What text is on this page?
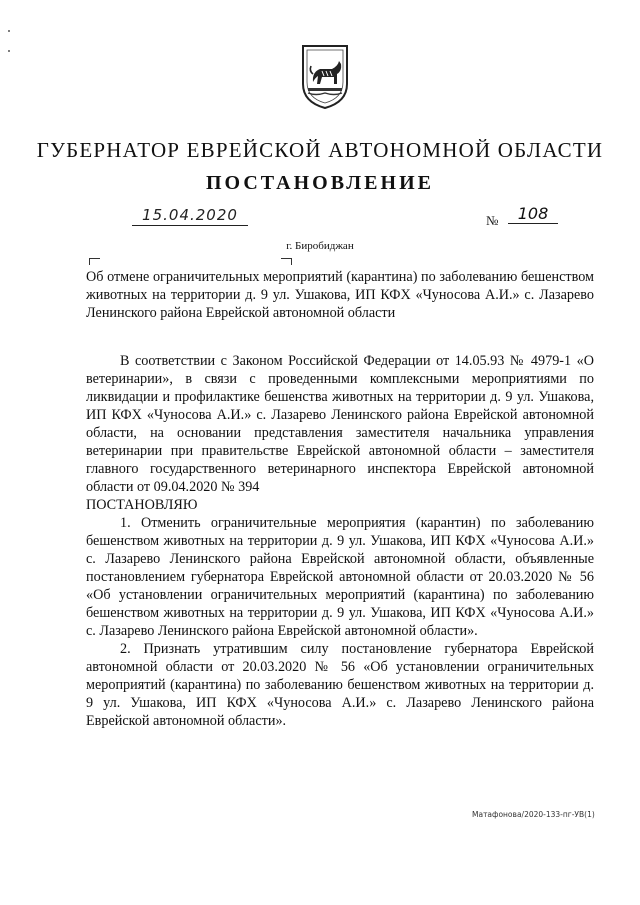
ГУБЕРНАТОР ЕВРЕЙСКОЙ АВТОНОМНОЙ ОБЛАСТИ
ПОСТАНОВЛЕНИЕ
15.04.2020	№	108
г. Биробиджан

Об отмене ограничительных мероприятий (карантина) по заболеванию бешенством животных на территории д. 9 ул. Ушакова, ИП КФХ «Чуносова А.И.» с. Лазарево Ленинского района Еврейской автономной области

В соответствии с Законом Российской Федерации от 14.05.93 № 4979-1 «О ветеринарии», в связи с проведенными комплексными мероприятиями по ликвидации и профилактике бешенства животных на территории д. 9 ул. Ушакова, ИП КФХ «Чуносова А.И.» с. Лазарево Ленинского района Еврейской автономной области, на основании представления заместителя начальника управления ветеринарии при правительстве Еврейской автономной области – заместителя главного государственного ветеринарного инспектора Еврейской автономной области от 09.04.2020 № 394

ПОСТАНОВЛЯЮ

1. Отменить ограничительные мероприятия (карантин) по заболеванию бешенством животных на территории д. 9 ул. Ушакова, ИП КФХ «Чуносова А.И.» с. Лазарево Ленинского района Еврейской автономной области, объявленные постановлением губернатора Еврейской автономной области от 20.03.2020 № 56 «Об установлении ограничительных мероприятий (карантина) по заболеванию бешенством животных на территории д. 9 ул. Ушакова, ИП КФХ «Чуносова А.И.» с. Лазарево Ленинского района Еврейской автономной области».

2. Признать утратившим силу постановление губернатора Еврейской автономной области от 20.03.2020 № 56 «Об установлении ограничительных мероприятий (карантина) по заболеванию бешенством животных на территории д. 9 ул. Ушакова, ИП КФХ «Чуносова А.И.» с. Лазарево Ленинского района Еврейской автономной области».

Матафонова/2020-133-пг-УВ(1)
